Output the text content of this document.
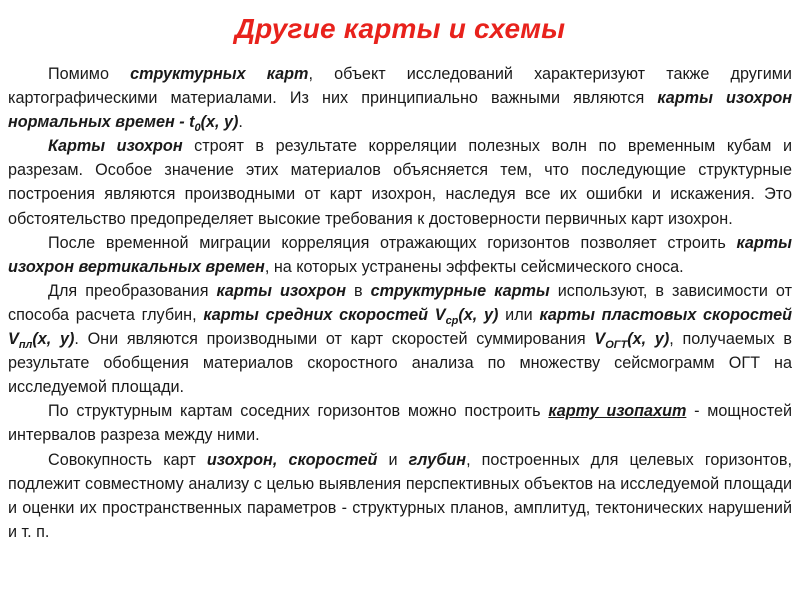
Другие карты и схемы

Помимо структурных карт, объект исследований характеризуют также другими картографическими материалами. Из них принципиально важными являются карты изохрон нормальных времен - $t_0(x$, y).

Карты изохрон строят в результате корреляции полезных волн по временным кубам и разрезам. Особое значение этих материалов объясняется тем, что последующие структурные построения являются производными от карт изохрон, наследуя все их ошибки и искажения. Это обстоятельство предопределяет высокие требования к достоверности первичных карт изохрон.

После временной миграции корреляция отражающих горизонтов позволяет строить карты изохрон вертикальных времен, на которых устранены эффекты сейсмического сноса.

Для преобразования карты изохрон в структурные карты используют, в зависимости от способа расчета глубин, карты средних скоростей $V_{ср}(x$, y) или карты пластовых скоростей $V_{пл}(x$, y). Они являются производными от карт скоростей суммирования $V_{ОГТ}(x$, y), получаемых в результате обобщения материалов скоростного анализа по множеству сейсмограмм ОГТ на исследуемой площади.

По структурным картам соседних горизонтов можно построить карту изопахит - мощностей интервалов разреза между ними.

Совокупность карт изохрон, скоростей и глубин, построенных для целевых горизонтов, подлежит совместному анализу с целью выявления перспективных объектов на исследуемой площади и оценки их пространственных параметров - структурных планов, амплитуд, тектонических нарушений и т. п.
